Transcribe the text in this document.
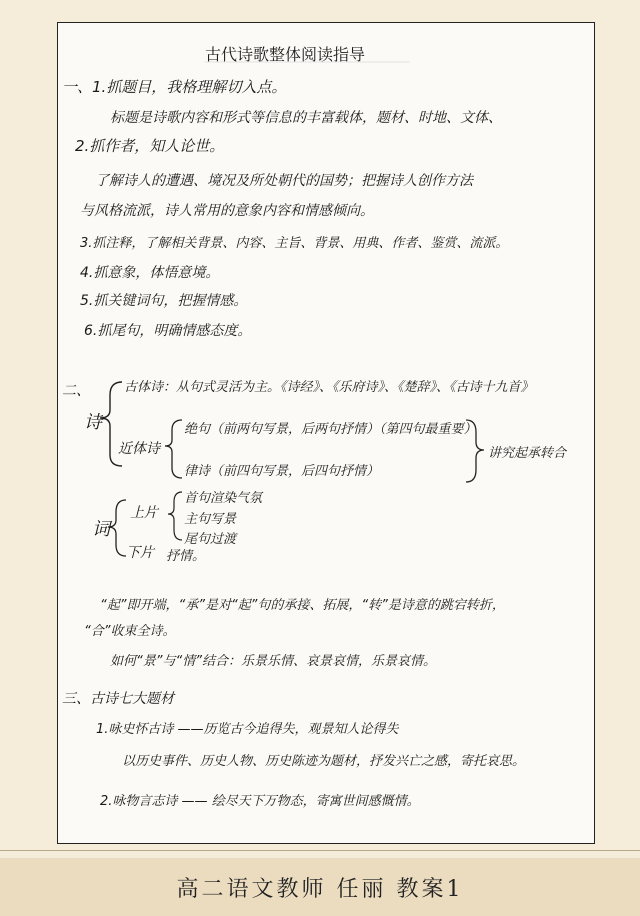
古代诗歌整体阅读指导
一、1.抓题目，我格理解切入点。
标题是诗歌内容和形式等信息的丰富载体，题材、时地、文体、
2.抓作者，知人论世。
了解诗人的遭遇、境况及所处朝代的国势；把握诗人创作方法
与风格流派，诗人常用的意象内容和情感倾向。
3.抓注释，了解相关背景、内容、主旨、背景、用典、作者、鉴赏、流派。
4.抓意象，体悟意境。
5.抓关键词句，把握情感。
6.抓尾句，明确情感态度。
二、
诗
古体诗：从句式灵活为主。《诗经》、《乐府诗》、《楚辞》、《古诗十九首》
近体诗
绝句（前两句写景，后两句抒情）（第四句最重要）
律诗（前四句写景，后四句抒情）
讲究起承转合
词
上片
下片
首句渲染气氛
主句写景
尾句过渡
抒情。
“起”即开端，“承”是对“起”句的承接、拓展，“转”是诗意的跳宕转折，
“合”收束全诗。
如何“景”与“情”结合：乐景乐情、哀景哀情，乐景哀情。
三、古诗七大题材
1.咏史怀古诗 ——历览古今追得失，观景知人论得失
以历史事件、历史人物、历史陈迹为题材，抒发兴亡之感，寄托哀思。
2.咏物言志诗 —— 绘尽天下万物态，寄寓世间感慨情。
高二语文教师 任丽 教案1
